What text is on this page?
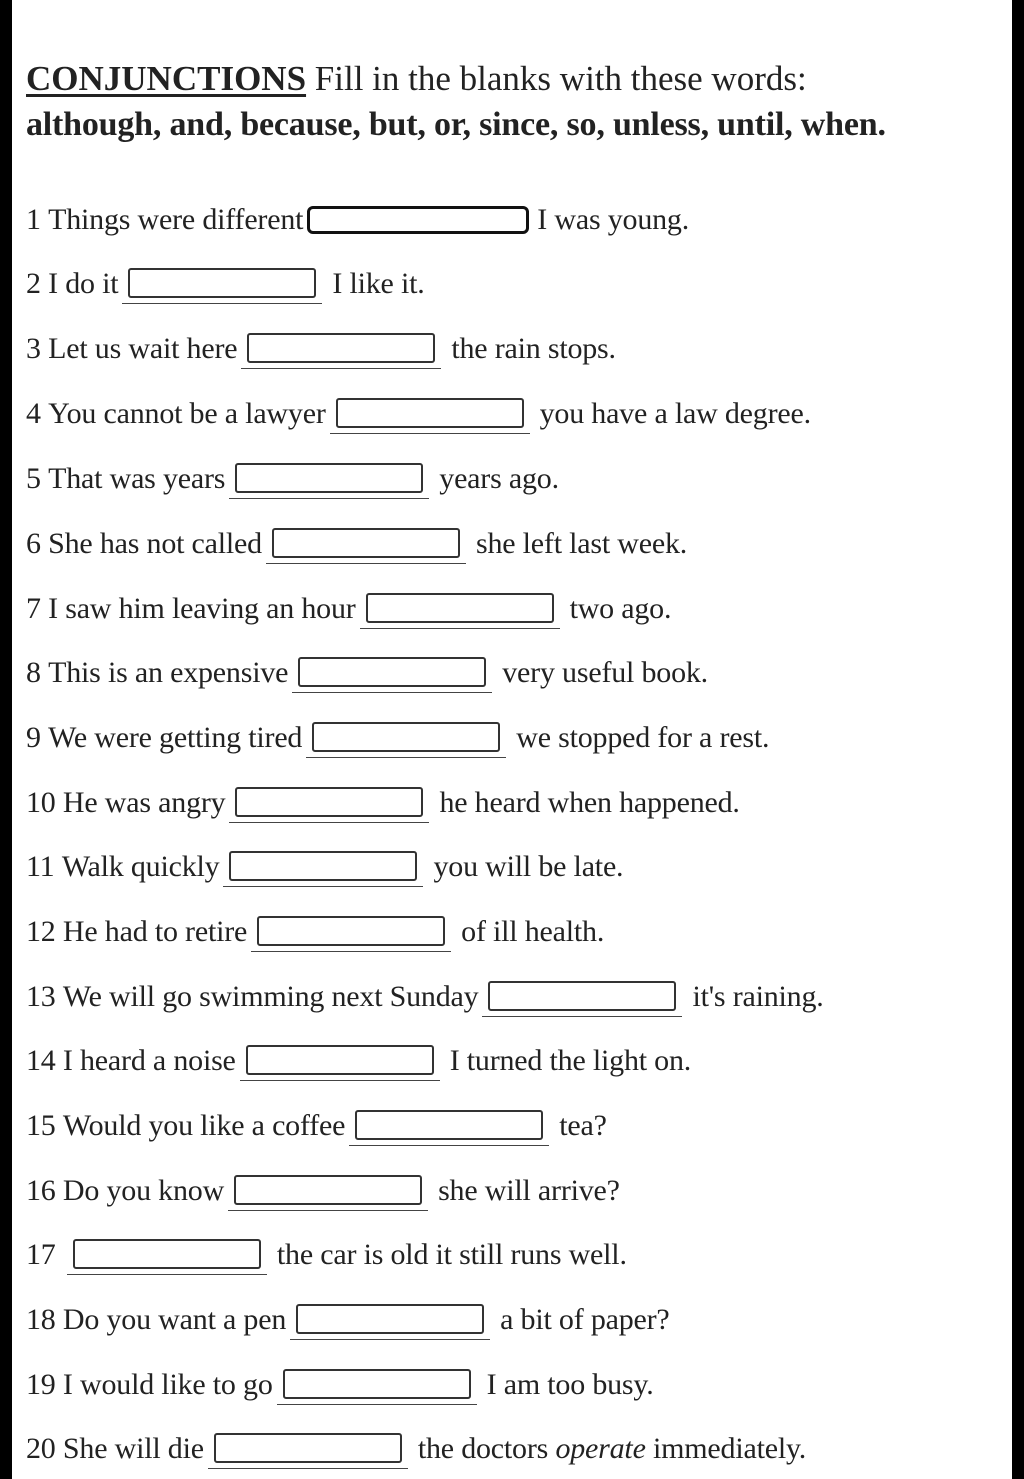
CONJUNCTIONS Fill in the blanks with these words:
although, and, because, but, or, since, so, unless, until, when.
1
Things were different	I was young.
2
I do it	I like it.
3
Let us wait here	the rain stops.
4
You cannot be a lawyer	you have a law degree.
5
That was years	years ago.
6
She has not called	she left last week.
7
I saw him leaving an hour	two ago.
8
This is an expensive	very useful book.
9
We were getting tired	we stopped for a rest.
10
He was angry	he heard when happened.
11
Walk quickly	you will be late.
12
He had to retire	of ill health.
13
We will go swimming next Sunday	it's raining.
14
I heard a noise	I turned the light on.
15
Would you like a coffee	tea?
16
Do you know	she will arrive?
17
	the car is old it still runs well.
18
Do you want a pen	a bit of paper?
19
I would like to go	I am too busy.
20
She will die	the doctors
operate
immediately.
